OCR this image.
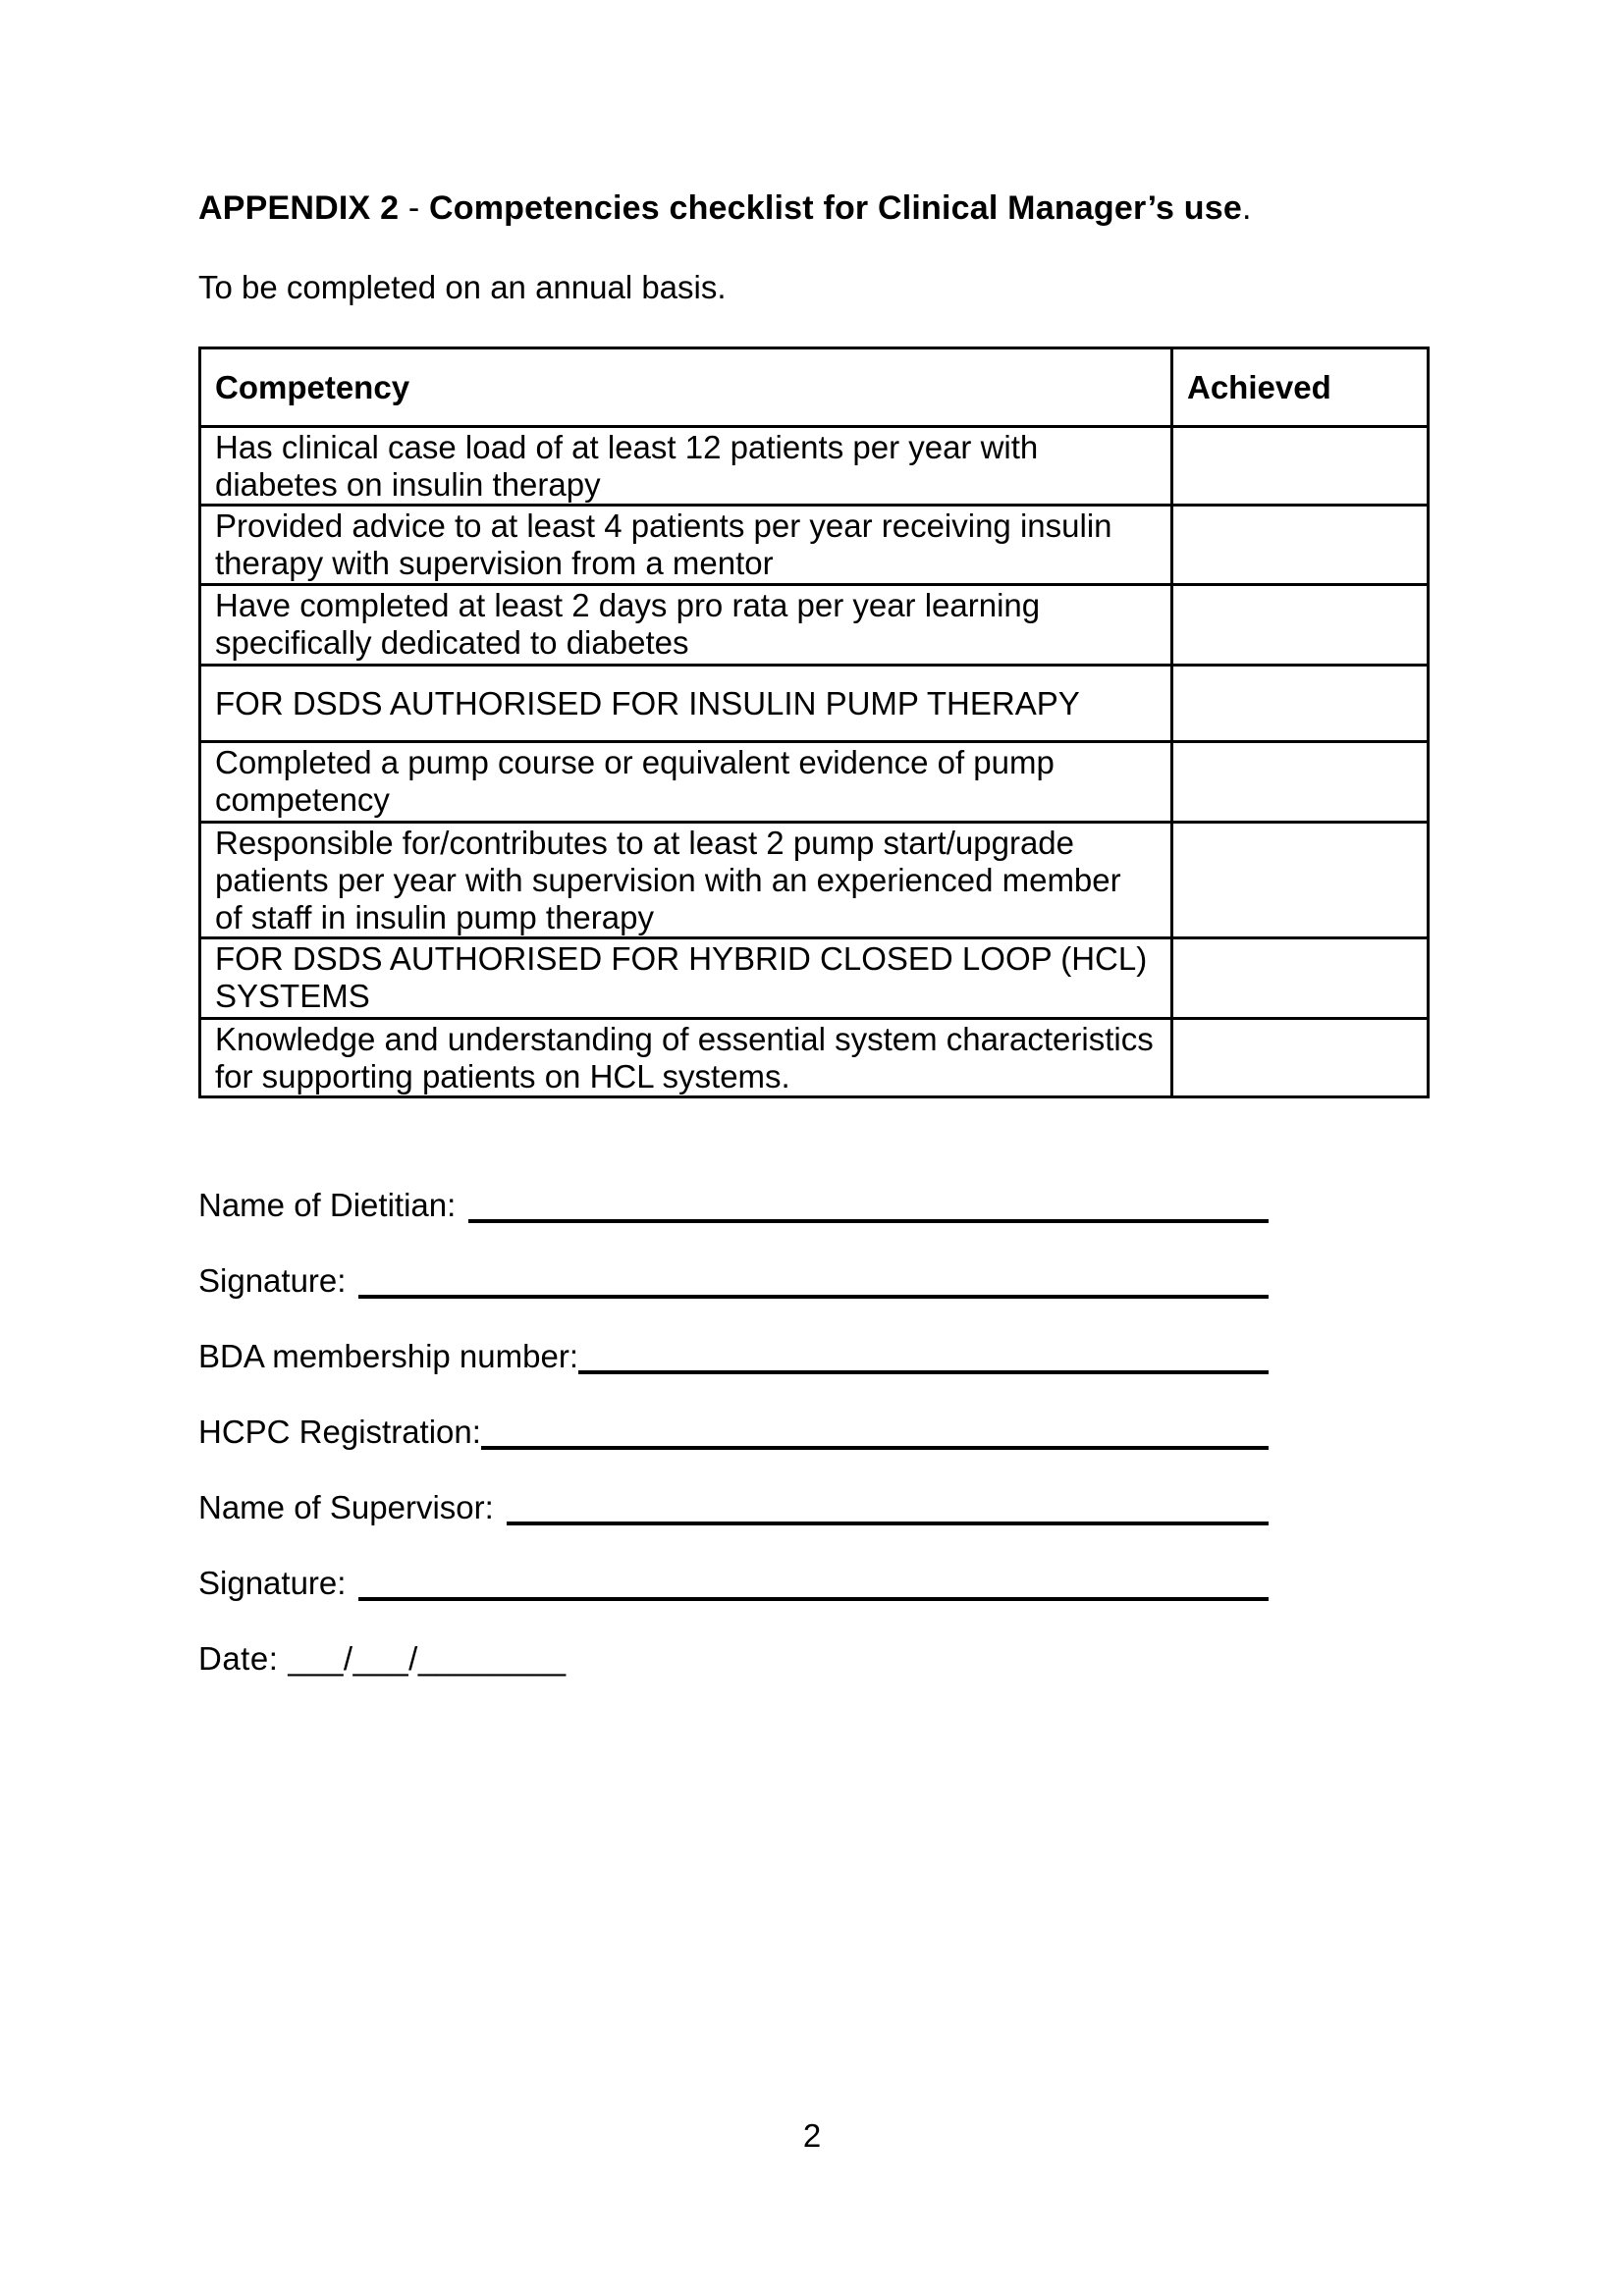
APPENDIX 2 - Competencies checklist for Clinical Manager’s use.
To be completed on an annual basis.
Competency	Achieved
Has clinical case load of at least 12 patients per year with diabetes on insulin therapy	
Provided advice to at least 4 patients per year receiving insulin therapy with supervision from a mentor	
Have completed at least 2 days pro rata per year learning specifically dedicated to diabetes	
FOR DSDS AUTHORISED FOR INSULIN PUMP THERAPY	
Completed a pump course or equivalent evidence of pump competency	
Responsible for/contributes to at least 2 pump start/upgrade patients per year with supervision with an experienced member of staff in insulin pump therapy	
FOR DSDS AUTHORISED FOR HYBRID CLOSED LOOP (HCL) SYSTEMS	
Knowledge and understanding of essential system characteristics for supporting patients on HCL systems.	
Name of Dietitian:
Signature:
BDA membership number:
HCPC Registration:
Name of Supervisor:
Signature:
Date: ___/___/________
2
